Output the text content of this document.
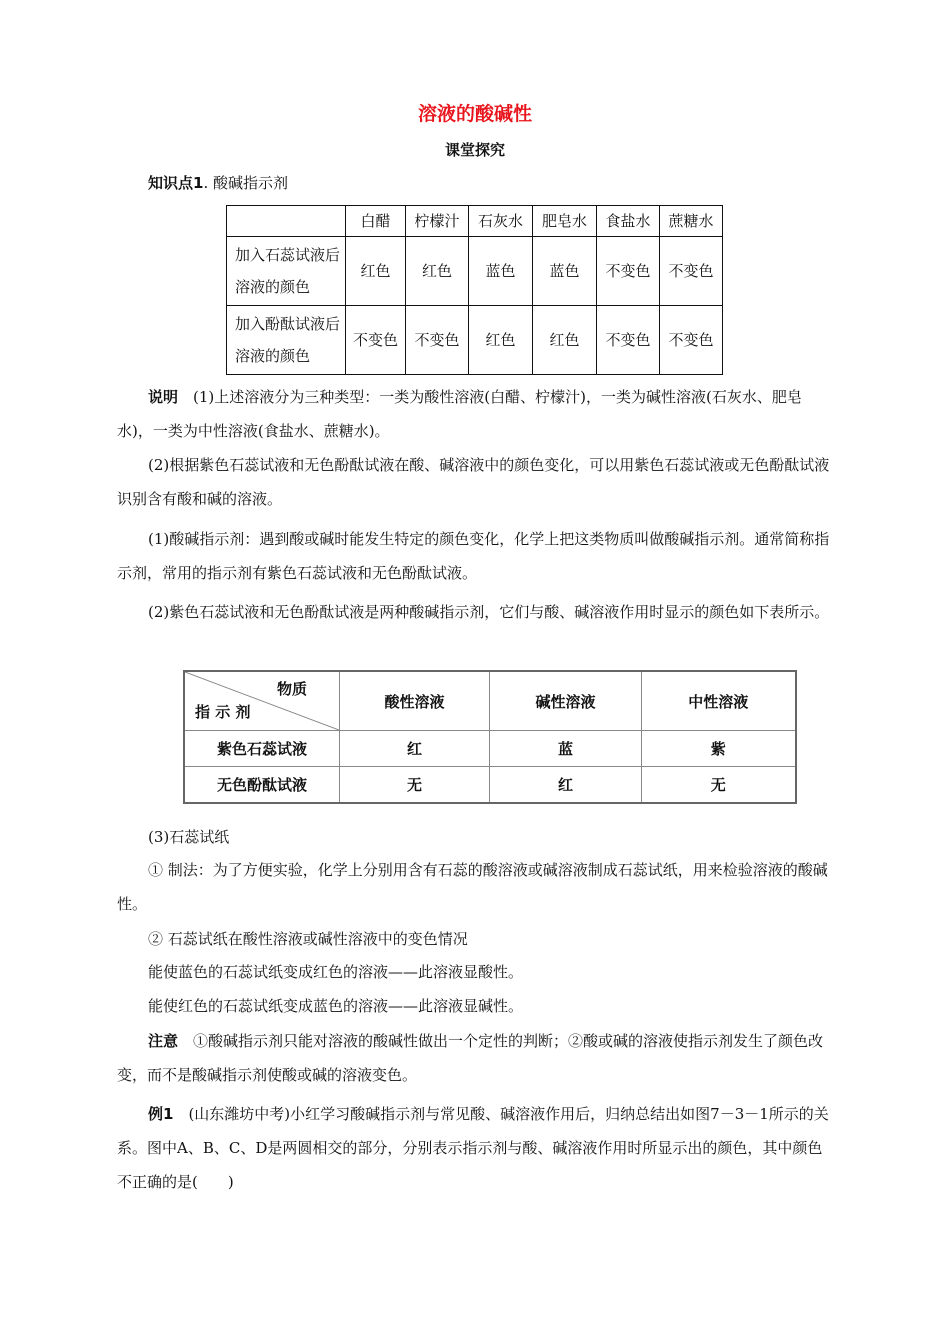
溶液的酸碱性
课堂探究
知识点1. 酸碱指示剂
	白醋	柠檬汁	石灰水	肥皂水	食盐水	蔗糖水
加入石蕊试液后溶液的颜色	红色	红色	蓝色	蓝色	不变色	不变色
加入酚酞试液后溶液的颜色	不变色	不变色	红色	红色	不变色	不变色
说明　 (1)上述溶液分为三种类型：一类为酸性溶液(白醋、柠檬汁)，一类为碱性溶液(石灰水、肥皂水)，一类为中性溶液(食盐水、蔗糖水)。
(2)根据紫色石蕊试液和无色酚酞试液在酸、碱溶液中的颜色变化，可以用紫色石蕊试液或无色酚酞试液识别含有酸和碱的溶液。
(1)酸碱指示剂：遇到酸或碱时能发生特定的颜色变化，化学上把这类物质叫做酸碱指示剂。通常简称指示剂，常用的指示剂有紫色石蕊试液和无色酚酞试液。
(2)紫色石蕊试液和无色酚酞试液是两种酸碱指示剂，它们与酸、碱溶液作用时显示的颜色如下表所示。
物质
指 示 剂	酸性溶液	碱性溶液	中性溶液
紫色石蕊试液	红	蓝	紫
无色酚酞试液	无	红	无
(3)石蕊试纸
① 制法：为了方便实验，化学上分别用含有石蕊的酸溶液或碱溶液制成石蕊试纸，用来检验溶液的酸碱性。
② 石蕊试纸在酸性溶液或碱性溶液中的变色情况
能使蓝色的石蕊试纸变成红色的溶液——此溶液显酸性。
能使红色的石蕊试纸变成蓝色的溶液——此溶液显碱性。
注意　 ①酸碱指示剂只能对溶液的酸碱性做出一个定性的判断；②酸或碱的溶液使指示剂发生了颜色改变，而不是酸碱指示剂使酸或碱的溶液变色。
例1　 (山东潍坊中考)小红学习酸碱指示剂与常见酸、碱溶液作用后，归纳总结出如图7－3－1所示的关系。图中A、B、C、D是两圆相交的部分，分别表示指示剂与酸、碱溶液作用时所显示出的颜色，其中颜色不正确的是(　　)
